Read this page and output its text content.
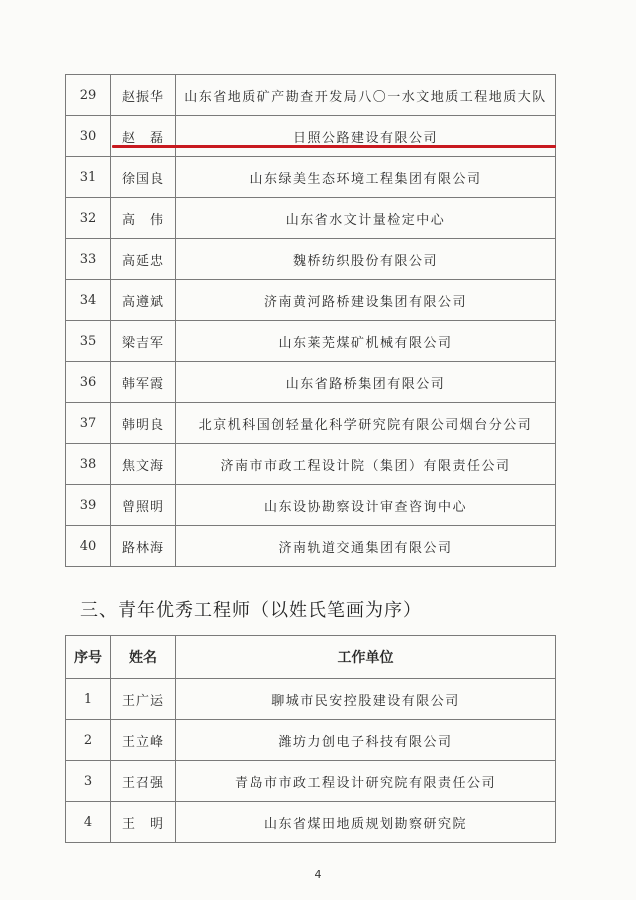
29	赵振华	山东省地质矿产勘查开发局八〇一水文地质工程地质大队
30	赵　磊	日照公路建设有限公司
31	徐国良	山东绿美生态环境工程集团有限公司
32	高　伟	山东省水文计量检定中心
33	高延忠	魏桥纺织股份有限公司
34	高遵斌	济南黄河路桥建设集团有限公司
35	梁吉军	山东莱芜煤矿机械有限公司
36	韩军霞	山东省路桥集团有限公司
37	韩明良	北京机科国创轻量化科学研究院有限公司烟台分公司
38	焦文海	济南市市政工程设计院（集团）有限责任公司
39	曾照明	山东设协勘察设计审查咨询中心
40	路林海	济南轨道交通集团有限公司
三、青年优秀工程师（以姓氏笔画为序）
序号	姓名	工作单位
1	王广运	聊城市民安控股建设有限公司
2	王立峰	潍坊力创电子科技有限公司
3	王召强	青岛市市政工程设计研究院有限责任公司
4	王　明	山东省煤田地质规划勘察研究院
4
